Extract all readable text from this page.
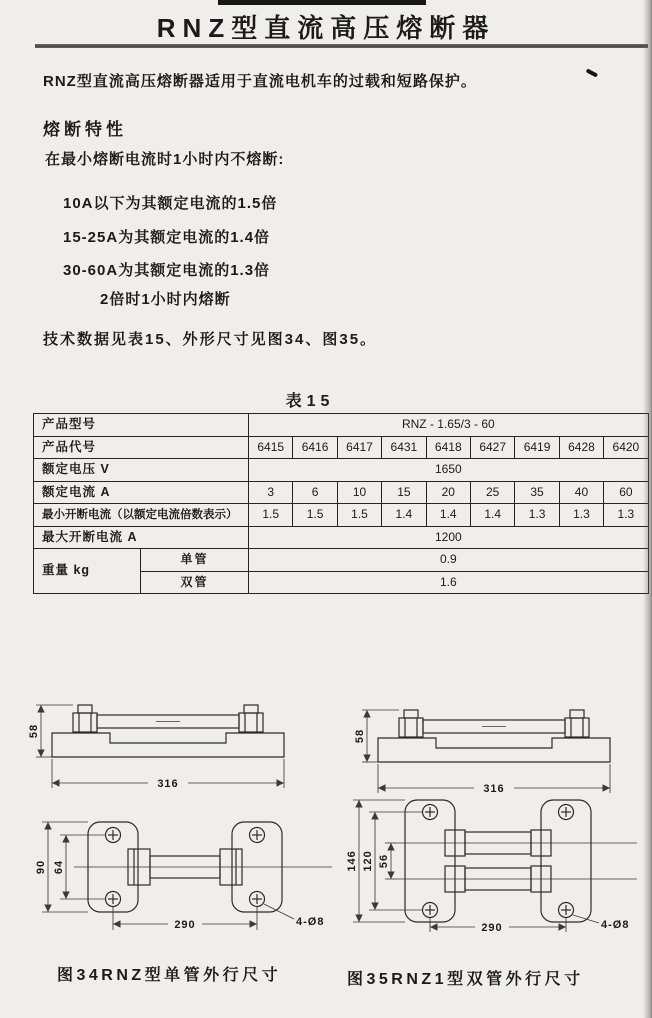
RNZ型直流高压熔断器
RNZ型直流高压熔断器适用于直流电机车的过载和短路保护。
熔断特性
在最小熔断电流时1小时内不熔断:
10A以下为其额定电流的1.5倍
15-25A为其额定电流的1.4倍
30-60A为其额定电流的1.3倍
2倍时1小时内熔断
技术数据见表15、外形尺寸见图34、图35。
表15
产品型号		RNZ - 1.65/3 - 60								
产品代号		6415	6416	6417	6431	6418	6427	6419	6428	6420
额定电压 V		1650								
额定电流 A		3	6	10	15	20	25	35	40	60
最小开断电流（以额定电流倍数表示）		1.5	1.5	1.5	1.4	1.4	1.4	1.3	1.3	1.3
最大开断电流 A		1200								
重量 kg	单管	0.9								
	双管	1.6								
58
316
58
316
90 64
290	4-Ø8
146 120 56
290	4-Ø8
图34RNZ型单管外行尺寸	图35RNZ1型双管外行尺寸
